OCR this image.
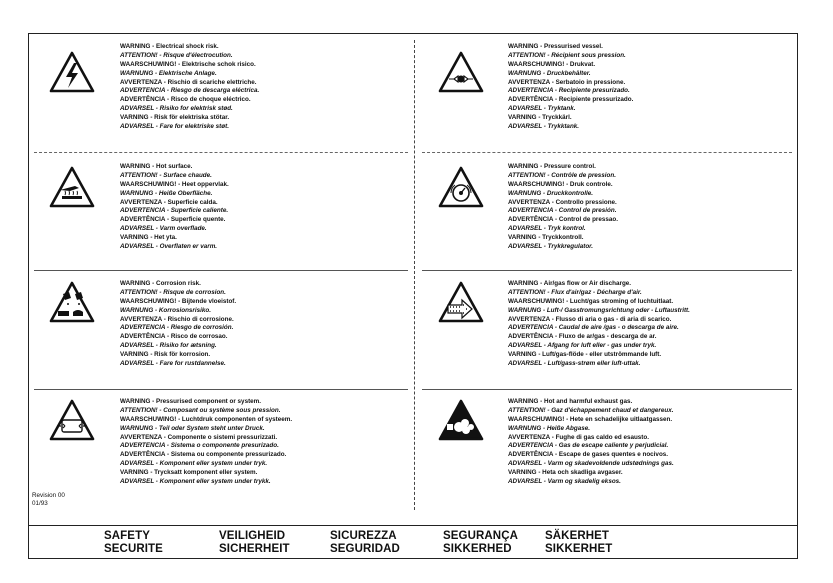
WARNING - Electrical shock risk.
ATTENTION! - Risque d'électrocution.
WAARSCHUWING! - Elektrische schok risico.
WARNUNG - Elektrische Anlage.
AVVERTENZA - Rischio di scariche elettriche.
ADVERTENCIA - Riesgo de descarga eléctrica.
ADVERTÊNCIA - Risco de choque eléctrico.
ADVARSEL - Risiko for elektrisk stød.
VARNING - Risk för elektriska stötar.
ADVARSEL - Fare for elektriske støt.
WARNING - Hot surface.
ATTENTION! - Surface chaude.
WAARSCHUWING! - Heet oppervlak.
WARNUNG - Heiße Oberfläche.
AVVERTENZA - Superficie calda.
ADVERTENCIA - Superficie caliente.
ADVERTÊNCIA - Superficie quente.
ADVARSEL - Varm overflade.
VARNING - Het yta.
ADVARSEL - Overflaten er varm.
WARNING - Corrosion risk.
ATTENTION! - Risque de corrosion.
WAARSCHUWING! - Bijtende vloeistof.
WARNUNG - Korrosionsrisiko.
AVVERTENZA - Rischio di corrosione.
ADVERTENCIA - Riesgo de corrosión.
ADVERTÊNCIA - Risco de corrosao.
ADVARSEL - Risiko for ætsning.
VARNING - Risk för korrosion.
ADVARSEL - Fare for rustdannelse.
WARNING - Pressurised component or system.
ATTENTION! - Composant ou système sous pression.
WAARSCHUWING! - Luchtdruk componenten of systeem.
WARNUNG - Teil oder System steht unter Druck.
AVVERTENZA - Componente o sistemi pressurizzati.
ADVERTENCIA - Sistema o componente presurizado.
ADVERTÊNCIA - Sistema ou componente pressurizado.
ADVARSEL - Komponent eller system under tryk.
VARNING - Trycksatt komponent eller system.
ADVARSEL - Komponent eller system under trykk.
WARNING - Pressurised vessel.
ATTENTION! - Récipient sous pression.
WAARSCHUWING! - Drukvat.
WARNUNG - Druckbehälter.
AVVERTENZA - Serbatoio in pressione.
ADVERTENCIA - Recipiente presurizado.
ADVERTÊNCIA - Recipiente pressurizado.
ADVARSEL - Tryktank.
VARNING - Tryckkärl.
ADVARSEL - Trykktank.
WARNING - Pressure control.
ATTENTION! - Contrôle de pression.
WAARSCHUWING! - Druk controle.
WARNUNG - Druckkontrolle.
AVVERTENZA - Controllo pressione.
ADVERTENCIA - Control de presión.
ADVERTÊNCIA - Control de pressao.
ADVARSEL - Tryk kontrol.
VARNING - Tryckkontroll.
ADVARSEL - Trykkregulator.
WARNING - Air/gas flow or Air discharge.
ATTENTION! - Flux d'air/gaz - Décharge d'air.
WAARSCHUWING! - Lucht/gas stroming of luchtuitlaat.
WARNUNG - Luft-/ Gasstromungsrichtung oder - Luftaustritt.
AVVERTENZA - Flusso di aria o gas - di aria di scarico.
ADVERTENCIA - Caudal de aire /gas - o descarga de aire.
ADVERTÊNCIA - Fluxo de ar/gas - descarga de ar.
ADVARSEL - Afgang for luft eller - gas under tryk.
VARNING - Luft/gas-flöde - eller utströmmande luft.
ADVARSEL - Luft/gass-strøm eller luft-uttak.
WARNING - Hot and harmful exhaust gas.
ATTENTION! - Gaz d'échappement chaud et dangereux.
WAARSCHUWING! - Hete en schadelijke uitlaatgassen.
WARNUNG - Heiße Abgase.
AVVERTENZA - Fughe di gas caldo ed esausto.
ADVERTENCIA - Gas de escape caliente y perjudicial.
ADVERTÊNCIA - Escape de gases quentes e nocivos.
ADVARSEL - Varm og skadevoldende udstødnings gas.
VARNING - Heta och skadliga avgaser.
ADVARSEL - Varm og skadelig eksos.
Revision 00
01/93
SAFETY
SECURITE
VEILIGHEID
SICHERHEIT
SICUREZZA
SEGURIDAD
SEGURANÇA
SIKKERHED
SÄKERHET
SIKKERHET
